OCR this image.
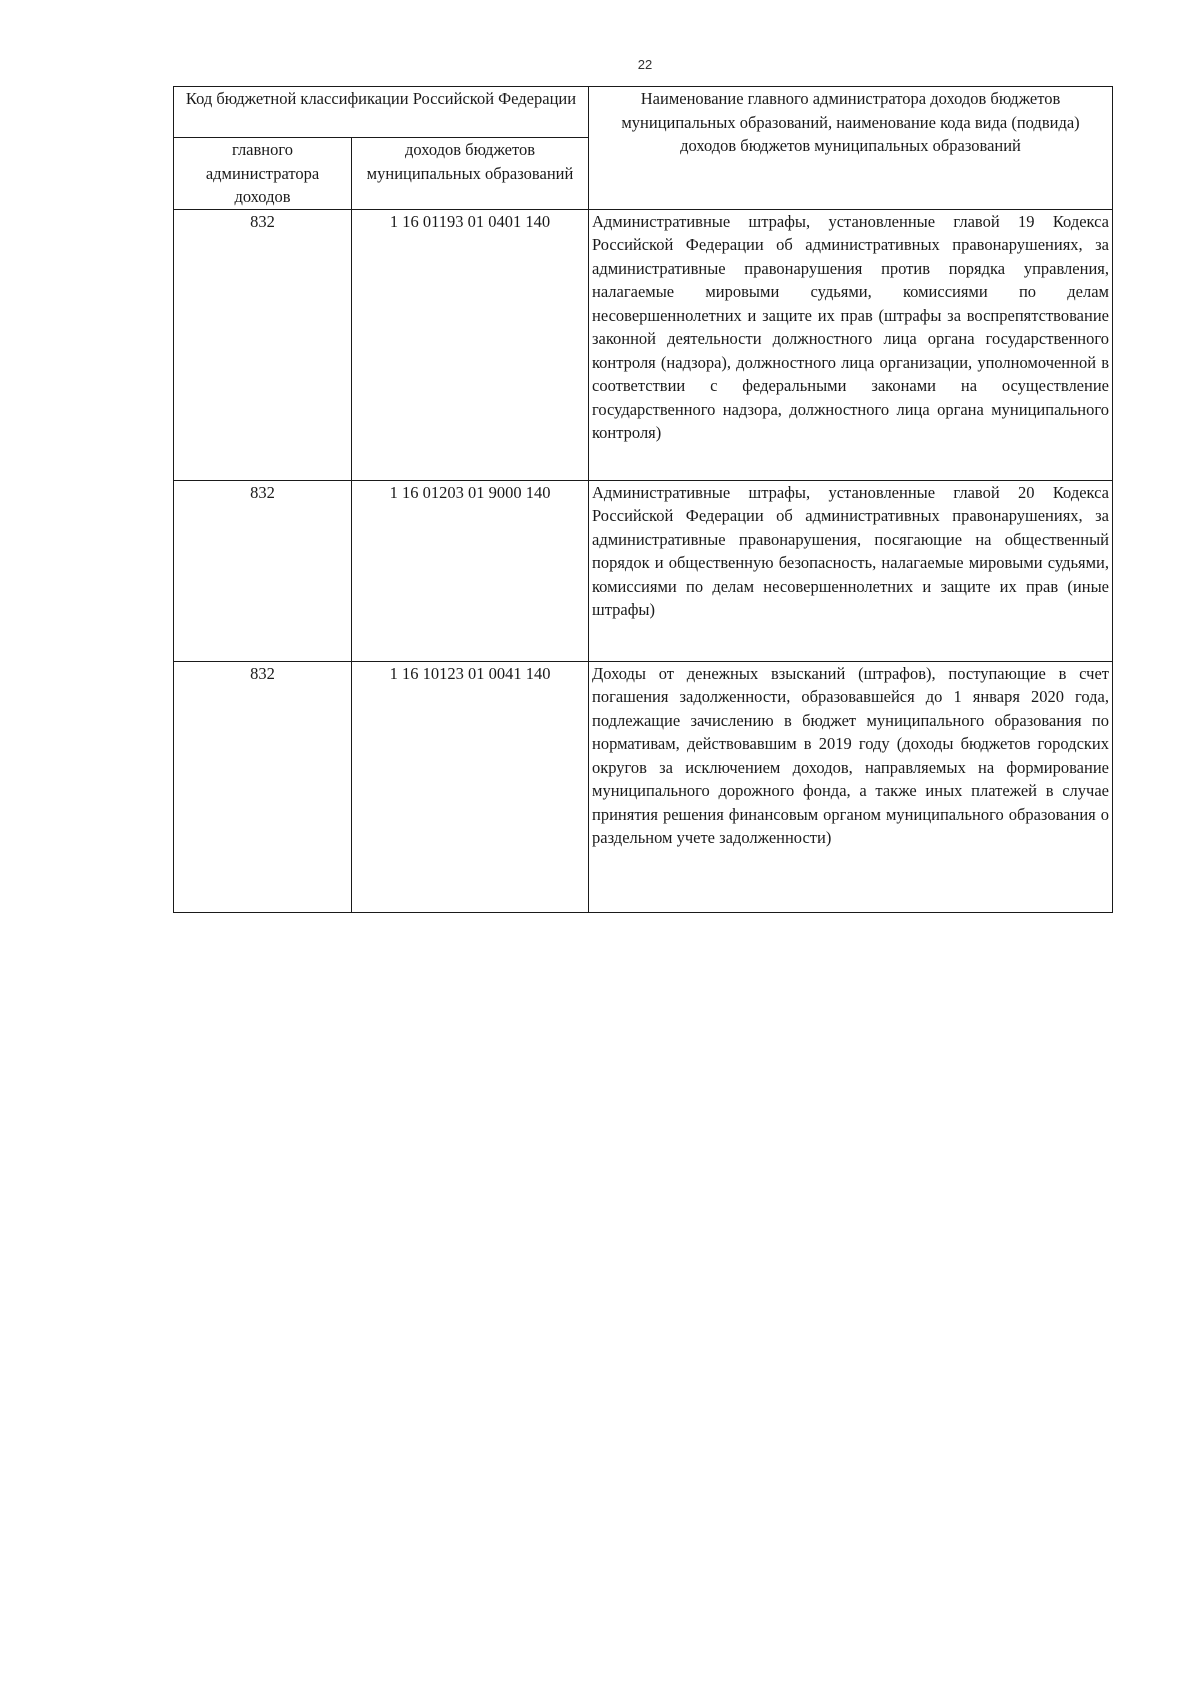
22
Код бюджетной классификации Российской Федерации		Наименование главного администратора доходов бюджетов муниципальных образований, наименование кода вида (подвида) доходов бюджетов муниципальных образований
главного администратора доходов	доходов бюджетов муниципальных образований	
832	1 16 01193 01 0401 140	Административные штрафы, установленные главой 19 Кодекса Российской Федерации об административных правонарушениях, за административные правонарушения против порядка управления, налагаемые мировыми судьями, комиссиями по делам несовершеннолетних и защите их прав (штрафы за воспрепятствование законной деятельности должностного лица органа государственного контроля (надзора), должностного лица организации, уполномоченной в соответствии с федеральными законами на осуществление государственного надзора, должностного лица органа муниципального контроля)
832	1 16 01203 01 9000 140	Административные штрафы, установленные главой 20 Кодекса Российской Федерации об административных правонарушениях, за административные правонарушения, посягающие на общественный порядок и общественную безопасность, налагаемые мировыми судьями, комиссиями по делам несовершеннолетних и защите их прав (иные штрафы)
832	1 16 10123 01 0041 140	Доходы от денежных взысканий (штрафов), поступающие в счет погашения задолженности, образовавшейся до 1 января 2020 года, подлежащие зачислению в бюджет муниципального образования по нормативам, действовавшим в 2019 году (доходы бюджетов городских округов за исключением доходов, направляемых на формирование муниципального дорожного фонда, а также иных платежей в случае принятия решения финансовым органом муниципального образования о раздельном учете задолженности)
